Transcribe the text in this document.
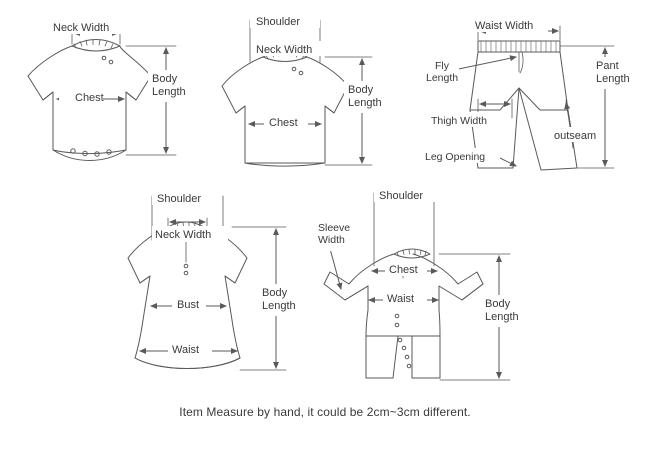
Neck Width
Chest
Body
Length
Shoulder
Neck Width
Chest
Body
Length
Waist Width
Fly
Length
Pant
Length
Thigh Width
outseam
Leg Opening
Shoulder
Neck Width
Bust
Waist
Body
Length
Shoulder
Sleeve
Width
Chest
Waist	Body
Length
Item Measure by hand, it could be 2cm~3cm different.
